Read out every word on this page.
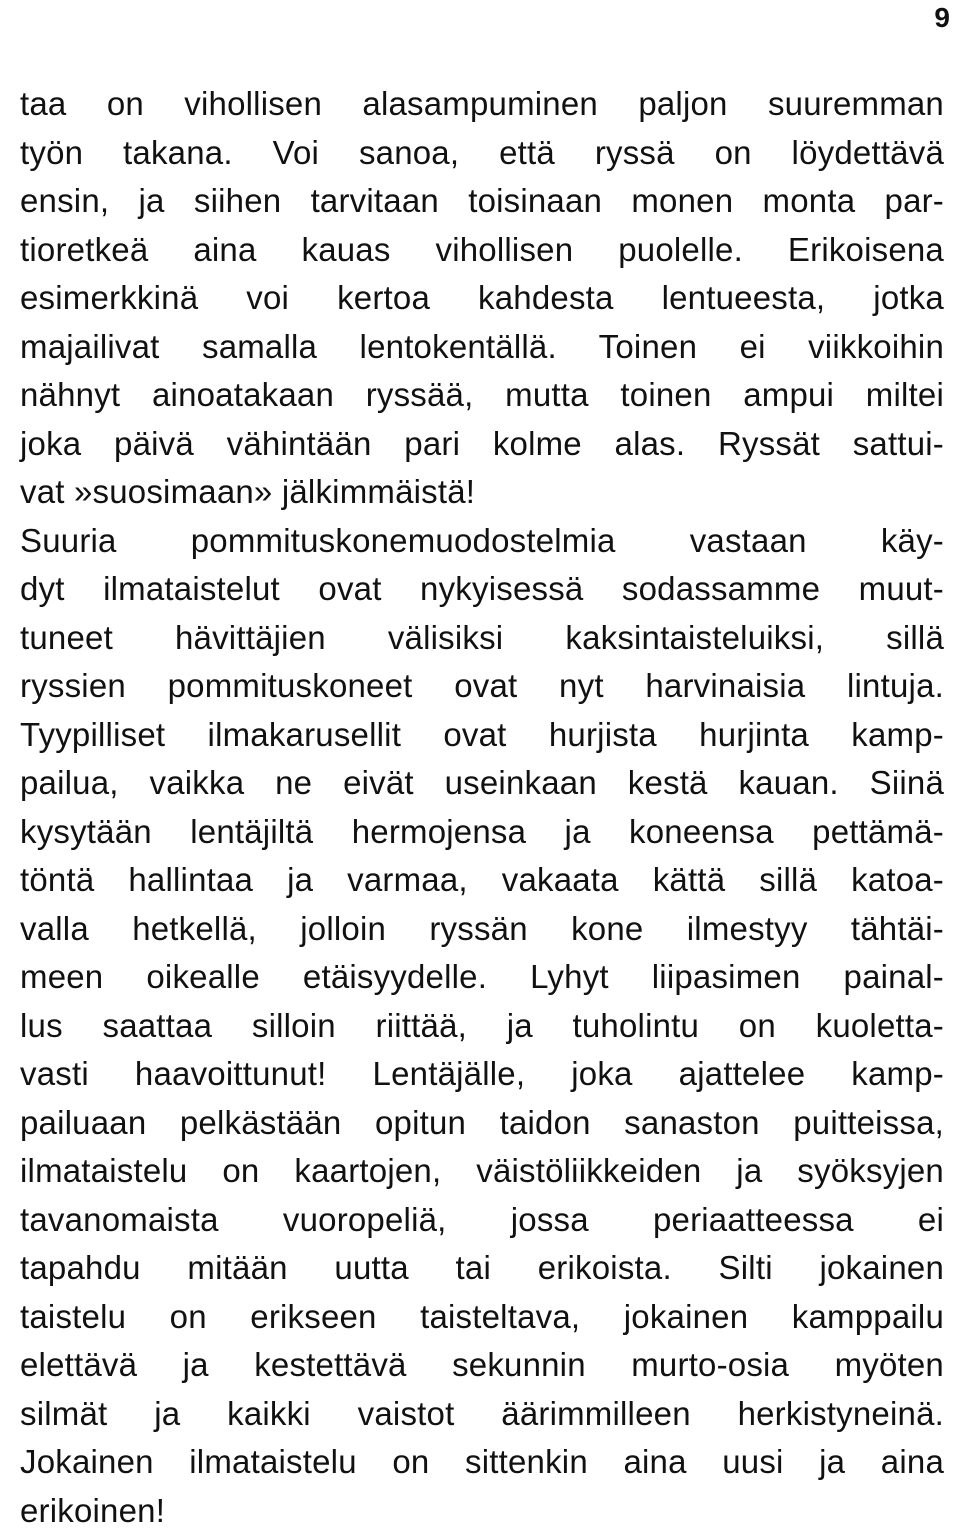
9
taa on vihollisen alasampuminen paljon suuremman
työn takana. Voi sanoa, että ryssä on löydettävä
ensin, ja siihen tarvitaan toisinaan monen monta par-
tioretkeä aina kauas vihollisen puolelle. Erikoisena
esimerkkinä voi kertoa kahdesta lentueesta, jotka
majailivat samalla lentokentällä. Toinen ei viikkoihin
nähnyt ainoatakaan ryssää, mutta toinen ampui miltei
joka päivä vähintään pari kolme alas. Ryssät sattui-
vat »suosimaan» jälkimmäistä!
Suuria pommituskonemuodostelmia vastaan käy-
dyt ilmataistelut ovat nykyisessä sodassamme muut-
tuneet hävittäjien välisiksi kaksintaisteluiksi, sillä
ryssien pommituskoneet ovat nyt harvinaisia lintuja.
Tyypilliset ilmakarusellit ovat hurjista hurjinta kamp-
pailua, vaikka ne eivät useinkaan kestä kauan. Siinä
kysytään lentäjiltä hermojensa ja koneensa pettämä-
töntä hallintaa ja varmaa, vakaata kättä sillä katoa-
valla hetkellä, jolloin ryssän kone ilmestyy tähtäi-
meen oikealle etäisyydelle. Lyhyt liipasimen painal-
lus saattaa silloin riittää, ja tuholintu on kuoletta-
vasti haavoittunut! Lentäjälle, joka ajattelee kamp-
pailuaan pelkästään opitun taidon sanaston puitteissa,
ilmataistelu on kaartojen, väistöliikkeiden ja syöksyjen
tavanomaista vuoropeliä, jossa periaatteessa ei
tapahdu mitään uutta tai erikoista. Silti jokainen
taistelu on erikseen taisteltava, jokainen kamppailu
elettävä ja kestettävä sekunnin murto-osia myöten
silmät ja kaikki vaistot äärimmilleen herkistyneinä.
Jokainen ilmataistelu on sittenkin aina uusi ja aina
erikoinen!
